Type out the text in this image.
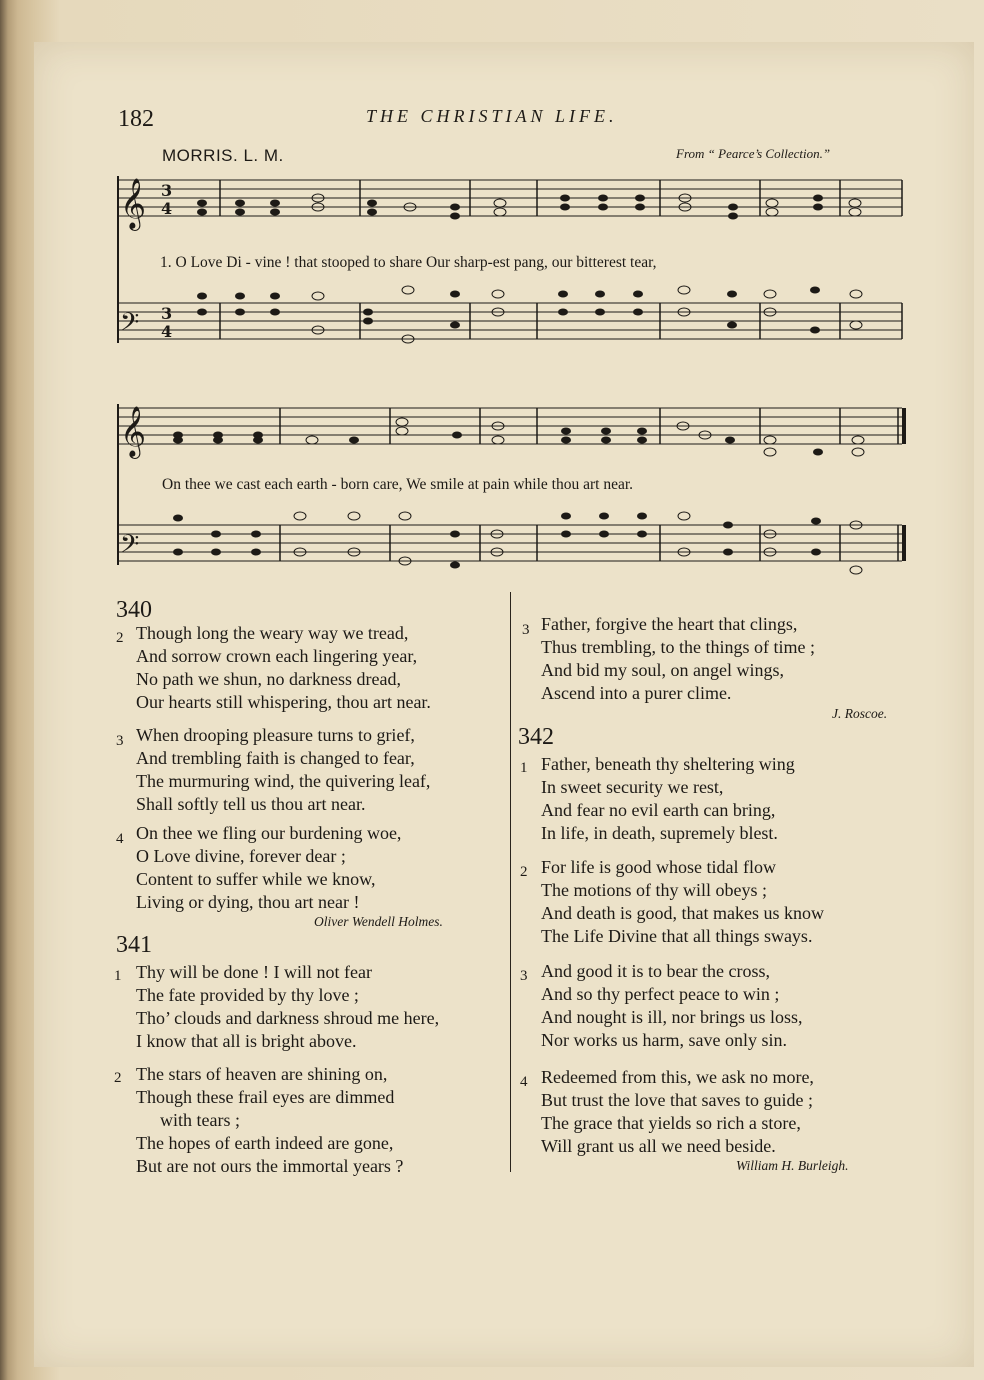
182	THE CHRISTIAN LIFE.
MORRIS. L. M.	From “ Pearce’s Collection.”
𝄞
𝄢
𝄞
𝄢
3
4
3
4
1. O Love Di - vine ! that stooped to share Our sharp-est pang, our bitterest tear,
On thee we cast each earth - born care, We smile at pain while thou art near.
340
2 Though long the weary way we tread,
And sorrow crown each lingering year,
No path we shun, no darkness dread,
Our hearts still whispering, thou art near.
3 When drooping pleasure turns to grief,
And trembling faith is changed to fear,
The murmuring wind, the quivering leaf,
Shall softly tell us thou art near.
4 On thee we fling our burdening woe,
O Love divine, forever dear ;
Content to suffer while we know,
Living or dying, thou art near !
Oliver Wendell Holmes.
341
1 Thy will be done ! I will not fear
The fate provided by thy love ;
Tho’ clouds and darkness shroud me here,
I know that all is bright above.
2 The stars of heaven are shining on,
Though these frail eyes are dimmed
with tears ;
The hopes of earth indeed are gone,
But are not ours the immortal years ?
3 Father, forgive the heart that clings,
Thus trembling, to the things of time ;
And bid my soul, on angel wings,
Ascend into a purer clime.
J. Roscoe.
342
1 Father, beneath thy sheltering wing
In sweet security we rest,
And fear no evil earth can bring,
In life, in death, supremely blest.
2 For life is good whose tidal flow
The motions of thy will obeys ;
And death is good, that makes us know
The Life Divine that all things sways.
3 And good it is to bear the cross,
And so thy perfect peace to win ;
And nought is ill, nor brings us loss,
Nor works us harm, save only sin.
4 Redeemed from this, we ask no more,
But trust the love that saves to guide ;
The grace that yields so rich a store,
Will grant us all we need beside.
William H. Burleigh.
